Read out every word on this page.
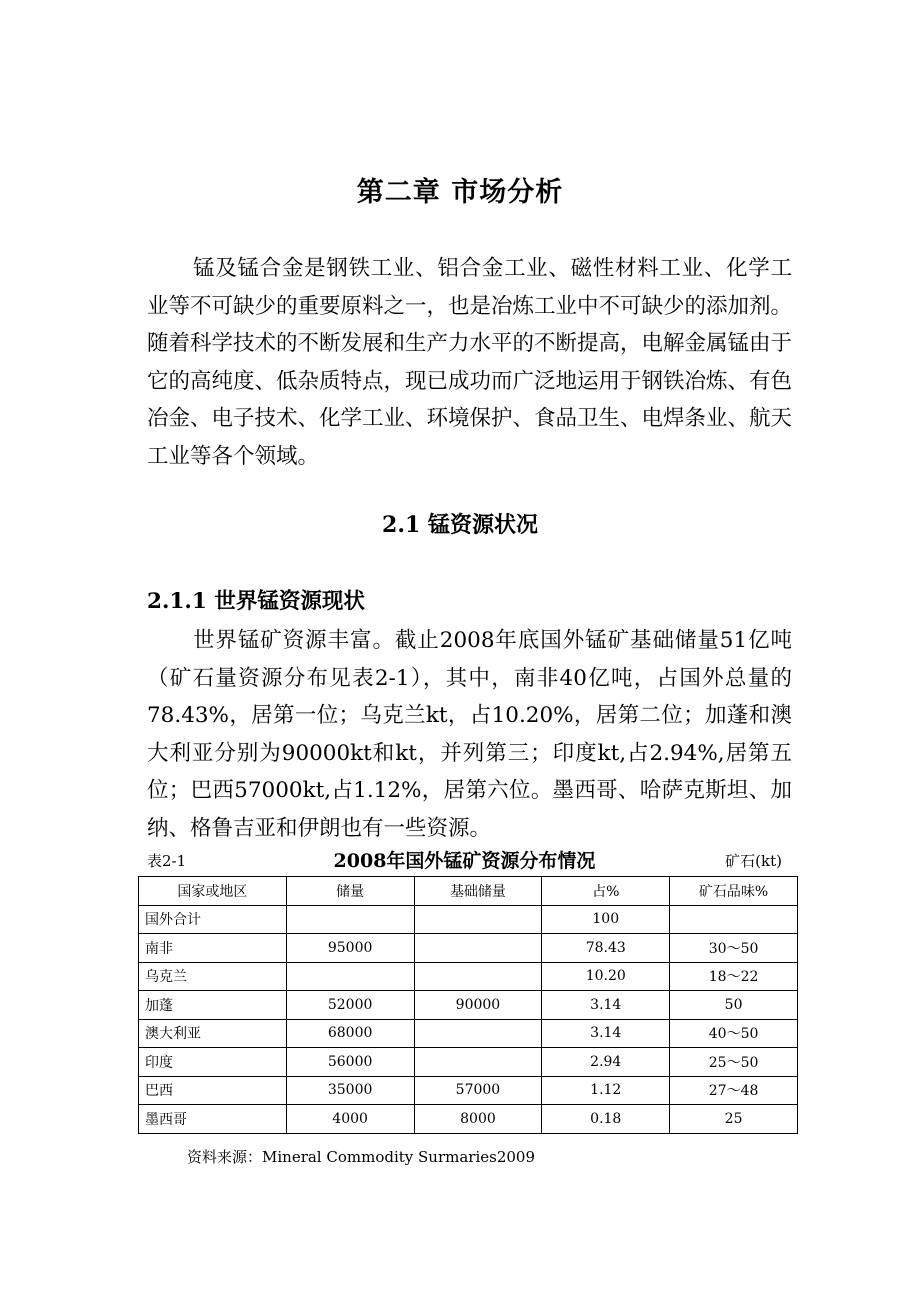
第二章 市场分析

锰及锰合金是钢铁工业、铝合金工业、磁性材料工业、化学工业等不可缺少的重要原料之一，也是冶炼工业中不可缺少的添加剂。随着科学技术的不断发展和生产力水平的不断提高，电解金属锰由于它的高纯度、低杂质特点，现已成功而广泛地运用于钢铁冶炼、有色冶金、电子技术、化学工业、环境保护、食品卫生、电焊条业、航天工业等各个领域。

2.1 锰资源状况
2.1.1 世界锰资源现状

世界锰矿资源丰富。截止2008年底国外锰矿基础储量51亿吨（矿石量资源分布见表2-1），其中，南非40亿吨，占国外总量的78.43%，居第一位；乌克兰kt，占10.20%，居第二位；加蓬和澳大利亚分别为90000kt和kt，并列第三；印度kt,占2.94%,居第五位；巴西57000kt,占1.12%，居第六位。墨西哥、哈萨克斯坦、加纳、格鲁吉亚和伊朗也有一些资源。

表2-1	2008年国外锰矿资源分布情况	矿石(kt)
国家或地区	储量	基础储量	占%	矿石品味%
国外合计			100	
南非	95000		78.43	30～50
乌克兰			10.20	18～22
加蓬	52000	90000	3.14	50
澳大利亚	68000		3.14	40～50
印度	56000		2.94	25～50
巴西	35000	57000	1.12	27～48
墨西哥	4000	8000	0.18	25

资料来源：Mineral Commodity Surmaries2009
